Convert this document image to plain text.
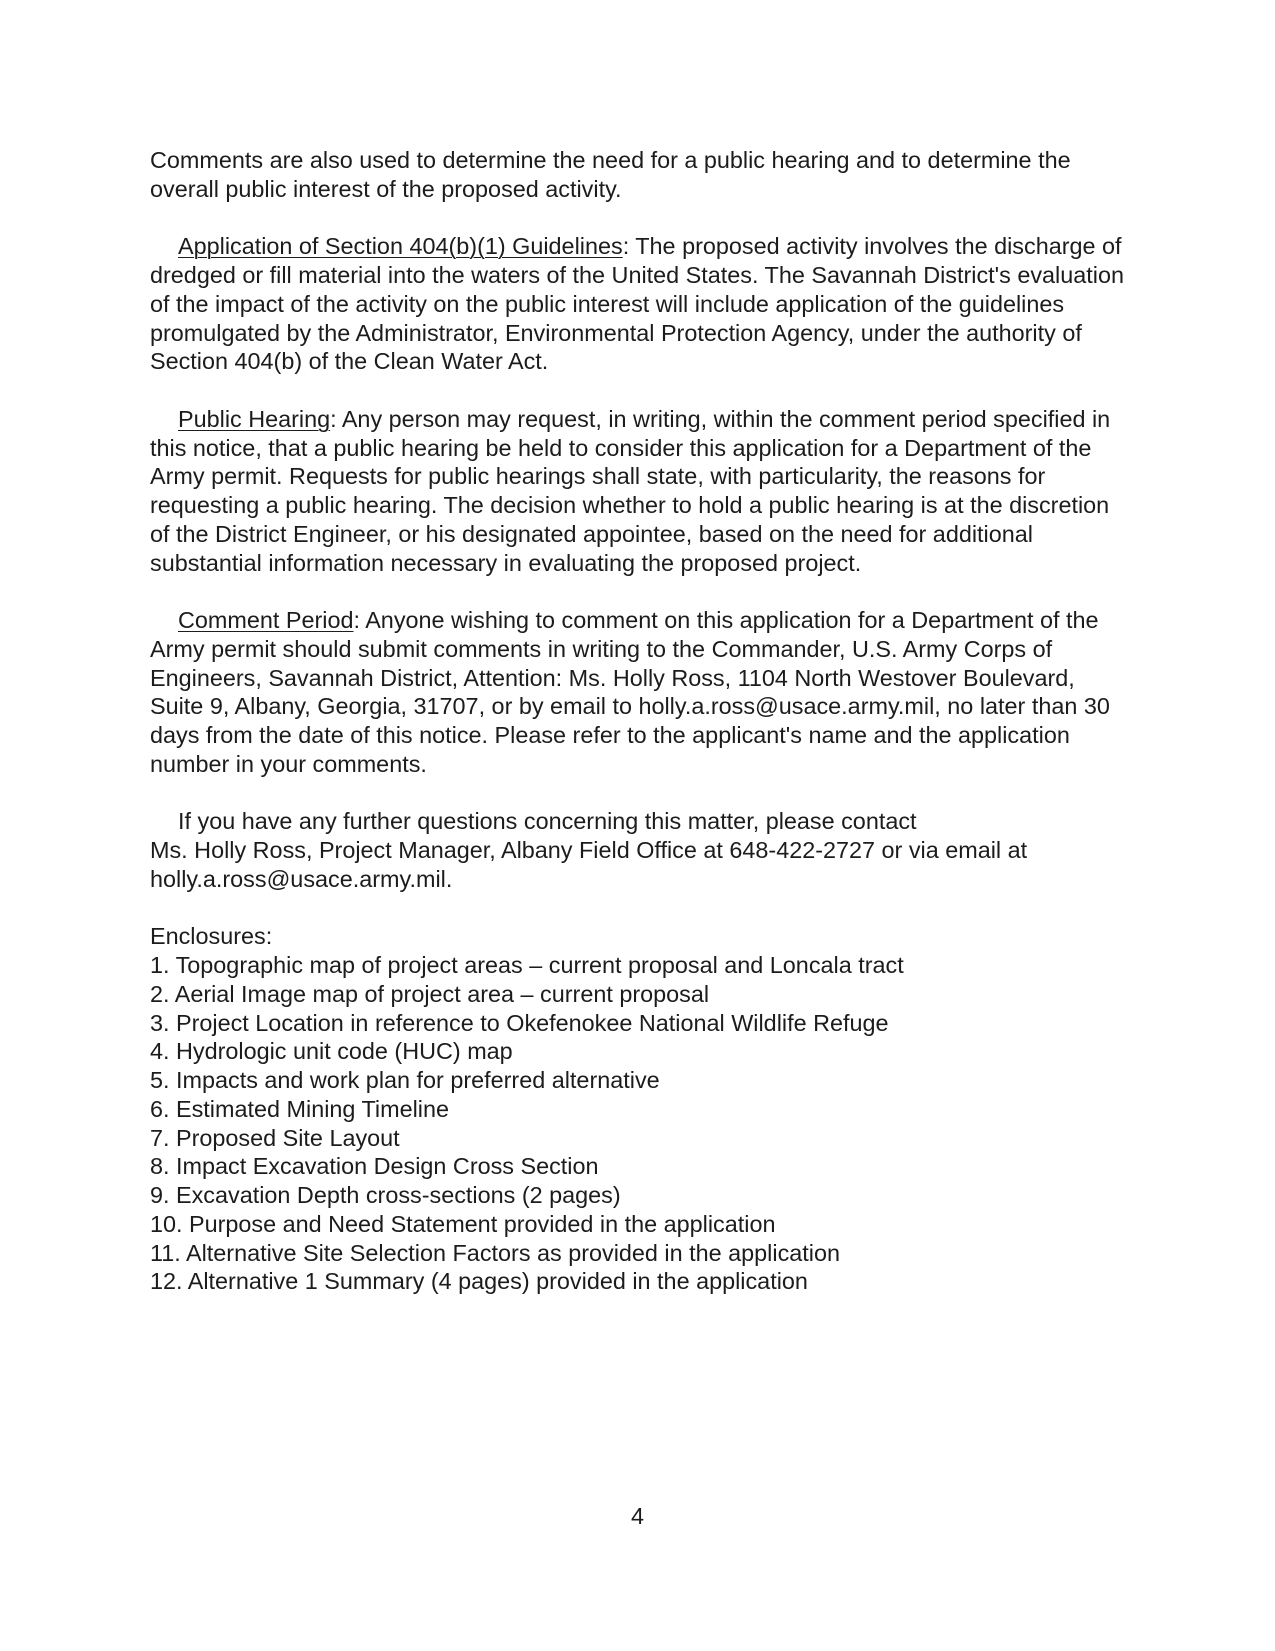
Comments are also used to determine the need for a public hearing and to determine the overall public interest of the proposed activity.

Application of Section 404(b)(1) Guidelines: The proposed activity involves the discharge of dredged or fill material into the waters of the United States. The Savannah District's evaluation of the impact of the activity on the public interest will include application of the guidelines promulgated by the Administrator, Environmental Protection Agency, under the authority of Section 404(b) of the Clean Water Act.

Public Hearing: Any person may request, in writing, within the comment period specified in this notice, that a public hearing be held to consider this application for a Department of the Army permit. Requests for public hearings shall state, with particularity, the reasons for requesting a public hearing. The decision whether to hold a public hearing is at the discretion of the District Engineer, or his designated appointee, based on the need for additional substantial information necessary in evaluating the proposed project.

Comment Period: Anyone wishing to comment on this application for a Department of the Army permit should submit comments in writing to the Commander, U.S. Army Corps of Engineers, Savannah District, Attention: Ms. Holly Ross, 1104 North Westover Boulevard, Suite 9, Albany, Georgia, 31707, or by email to holly.a.ross@usace.army.mil, no later than 30 days from the date of this notice. Please refer to the applicant's name and the application number in your comments.

If you have any further questions concerning this matter, please contact

Ms. Holly Ross, Project Manager, Albany Field Office at 648-422-2727 or via email at holly.a.ross@usace.army.mil.

Enclosures:

1. Topographic map of project areas – current proposal and Loncala tract
2. Aerial Image map of project area – current proposal
3. Project Location in reference to Okefenokee National Wildlife Refuge
4. Hydrologic unit code (HUC) map
5. Impacts and work plan for preferred alternative
6. Estimated Mining Timeline
7. Proposed Site Layout
8. Impact Excavation Design Cross Section
9. Excavation Depth cross-sections (2 pages)
10. Purpose and Need Statement provided in the application
11. Alternative Site Selection Factors as provided in the application
12. Alternative 1 Summary (4 pages) provided in the application
4
